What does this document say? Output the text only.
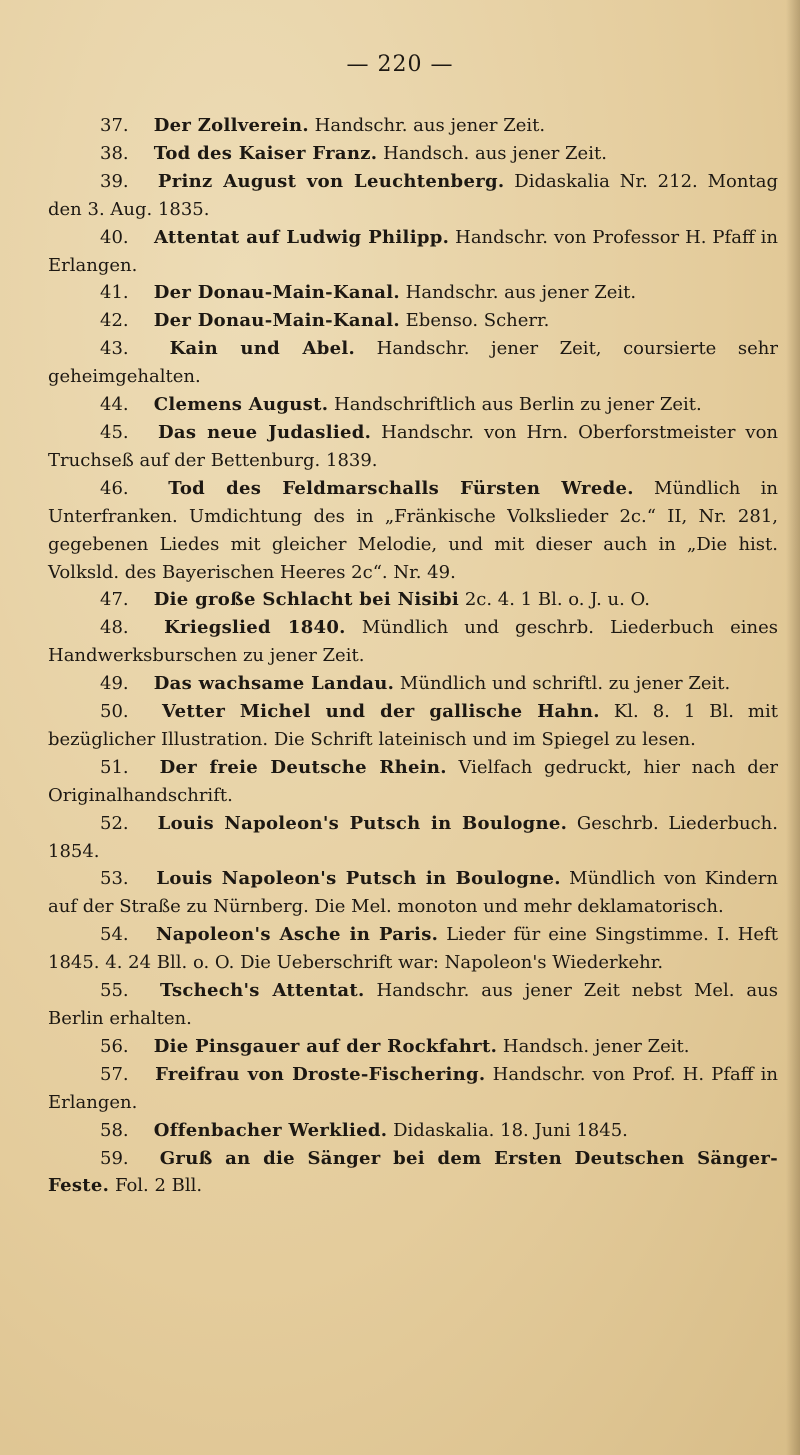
— 220 —

37. Der Zollverein. Handschr. aus jener Zeit.

38. Tod des Kaiser Franz. Handsch. aus jener Zeit.

39. Prinz August von Leuchtenberg. Didaskalia Nr. 212. Montag den 3. Aug. 1835.

40. Attentat auf Ludwig Philipp. Handschr. von Professor H. Pfaff in Erlangen.

41. Der Donau-Main-Kanal. Handschr. aus jener Zeit.

42. Der Donau-Main-Kanal. Ebenso. Scherr.

43. Kain und Abel. Handschr. jener Zeit, coursierte sehr geheimgehalten.

44. Clemens August. Handschriftlich aus Berlin zu jener Zeit.

45. Das neue Judaslied. Handschr. von Hrn. Oberforstmeister von Truchseß auf der Bettenburg. 1839.

46. Tod des Feldmarschalls Fürsten Wrede. Mündlich in Unterfranken. Umdichtung des in „Fränkische Volkslieder 2c.“ II, Nr. 281, gegebenen Liedes mit gleicher Melodie, und mit dieser auch in „Die hist. Volksld. des Bayerischen Heeres 2c“. Nr. 49.

47. Die große Schlacht bei Nisibi 2c. 4. 1 Bl. o. J. u. O.

48. Kriegslied 1840. Mündlich und geschrb. Liederbuch eines Handwerksburschen zu jener Zeit.

49. Das wachsame Landau. Mündlich und schriftl. zu jener Zeit.

50. Vetter Michel und der gallische Hahn. Kl. 8. 1 Bl. mit bezüglicher Illustration. Die Schrift lateinisch und im Spiegel zu lesen.

51. Der freie Deutsche Rhein. Vielfach gedruckt, hier nach der Originalhandschrift.

52. Louis Napoleon's Putsch in Boulogne. Geschrb. Liederbuch. 1854.

53. Louis Napoleon's Putsch in Boulogne. Mündlich von Kindern auf der Straße zu Nürnberg. Die Mel. monoton und mehr deklamatorisch.

54. Napoleon's Asche in Paris. Lieder für eine Singstimme. I. Heft 1845. 4. 24 Bll. o. O. Die Ueberschrift war: Napoleon's Wiederkehr.

55. Tschech's Attentat. Handschr. aus jener Zeit nebst Mel. aus Berlin erhalten.

56. Die Pinsgauer auf der Rockfahrt. Handsch. jener Zeit.

57. Freifrau von Droste-Fischering. Handschr. von Prof. H. Pfaff in Erlangen.

58. Offenbacher Werklied. Didaskalia. 18. Juni 1845.

59. Gruß an die Sänger bei dem Ersten Deutschen Sänger-Feste. Fol. 2 Bll.
